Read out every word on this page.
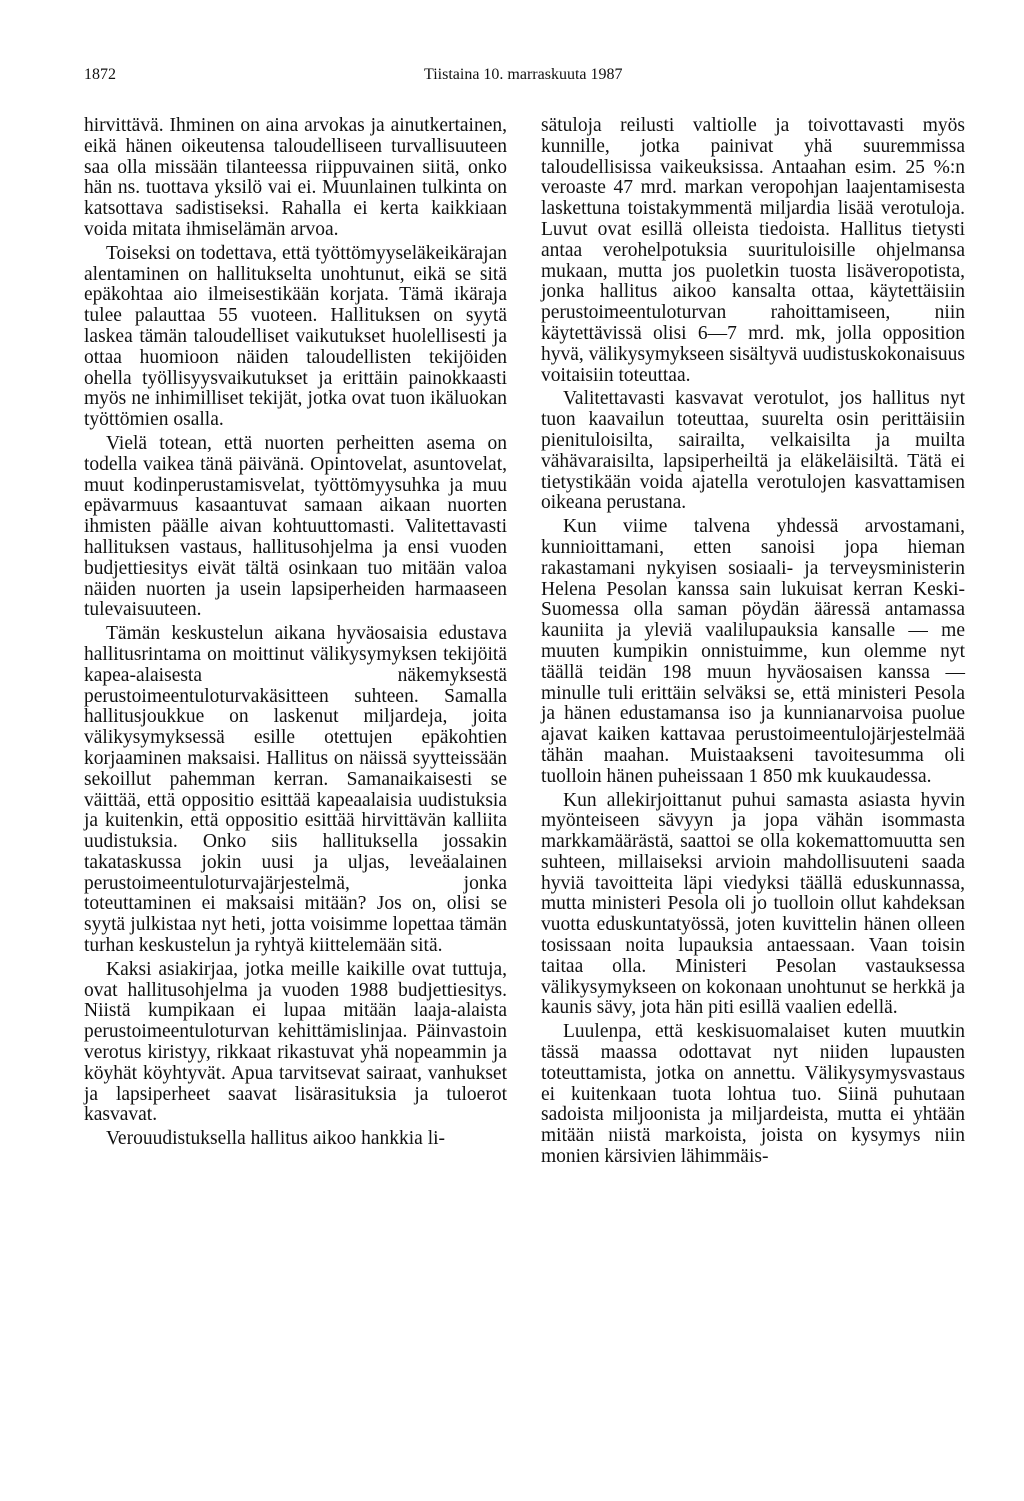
1872	Tiistaina 10. marraskuuta 1987

hirvittävä. Ihminen on aina arvokas ja ainutkertainen, eikä hänen oikeutensa taloudelliseen turvallisuuteen saa olla missään tilanteessa riippuvainen siitä, onko hän ns. tuottava yksilö vai ei. Muunlainen tulkinta on katsottava sadistiseksi. Rahalla ei kerta kaikkiaan voida mitata ihmiselämän arvoa.

Toiseksi on todettava, että työttömyyseläkeikärajan alentaminen on hallitukselta unohtunut, eikä se sitä epäkohtaa aio ilmeisestikään korjata. Tämä ikäraja tulee palauttaa 55 vuoteen. Hallituksen on syytä laskea tämän taloudelliset vaikutukset huolellisesti ja ottaa huomioon näiden taloudellisten tekijöiden ohella työllisyysvaikutukset ja erittäin painokkaasti myös ne inhimilliset tekijät, jotka ovat tuon ikäluokan työttömien osalla.

Vielä totean, että nuorten perheitten asema on todella vaikea tänä päivänä. Opintovelat, asuntovelat, muut kodinperustamisvelat, työttömyysuhka ja muu epävarmuus kasaantuvat samaan aikaan nuorten ihmisten päälle aivan kohtuuttomasti. Valitettavasti hallituksen vastaus, hallitusohjelma ja ensi vuoden budjettiesitys eivät tältä osinkaan tuo mitään valoa näiden nuorten ja usein lapsiperheiden harmaaseen tulevaisuuteen.

Tämän keskustelun aikana hyväosaisia edustava hallitusrintama on moittinut välikysymyksen tekijöitä kapea-alaisesta näkemyksestä perustoimeentuloturvakäsitteen suhteen. Samalla hallitusjoukkue on laskenut miljardeja, joita välikysymyksessä esille otettujen epäkohtien korjaaminen maksaisi. Hallitus on näissä syytteissään sekoillut pahemman kerran. Samanaikaisesti se väittää, että oppositio esittää kapeaalaisia uudistuksia ja kuitenkin, että oppositio esittää hirvittävän kalliita uudistuksia. Onko siis hallituksella jossakin takataskussa jokin uusi ja uljas, leveäalainen perustoimeentuloturvajärjestelmä, jonka toteuttaminen ei maksaisi mitään? Jos on, olisi se syytä julkistaa nyt heti, jotta voisimme lopettaa tämän turhan keskustelun ja ryhtyä kiittelemään sitä.

Kaksi asiakirjaa, jotka meille kaikille ovat tuttuja, ovat hallitusohjelma ja vuoden 1988 budjettiesitys. Niistä kumpikaan ei lupaa mitään laaja-alaista perustoimeentuloturvan kehittämislinjaa. Päinvastoin verotus kiristyy, rikkaat rikastuvat yhä nopeammin ja köyhät köyhtyvät. Apua tarvitsevat sairaat, vanhukset ja lapsiperheet saavat lisärasituksia ja tuloerot kasvavat.

Verouudistuksella hallitus aikoo hankkia li-

sätuloja reilusti valtiolle ja toivottavasti myös kunnille, jotka painivat yhä suuremmissa taloudellisissa vaikeuksissa. Antaahan esim. 25 %:n veroaste 47 mrd. markan veropohjan laajentamisesta laskettuna toistakymmentä miljardia lisää verotuloja. Luvut ovat esillä olleista tiedoista. Hallitus tietysti antaa verohelpotuksia suurituloisille ohjelmansa mukaan, mutta jos puoletkin tuosta lisäveropotista, jonka hallitus aikoo kansalta ottaa, käytettäisiin perustoimeentuloturvan rahoittamiseen, niin käytettävissä olisi 6—7 mrd. mk, jolla opposition hyvä, välikysymykseen sisältyvä uudistuskokonaisuus voitaisiin toteuttaa.

Valitettavasti kasvavat verotulot, jos hallitus nyt tuon kaavailun toteuttaa, suurelta osin perittäisiin pienituloisilta, sairailta, velkaisilta ja muilta vähävaraisilta, lapsiperheiltä ja eläkeläisiltä. Tätä ei tietystikään voida ajatella verotulojen kasvattamisen oikeana perustana.

Kun viime talvena yhdessä arvostamani, kunnioittamani, etten sanoisi jopa hieman rakastamani nykyisen sosiaali- ja terveysministerin Helena Pesolan kanssa sain lukuisat kerran Keski-Suomessa olla saman pöydän ääressä antamassa kauniita ja yleviä vaalilupauksia kansalle — me muuten kumpikin onnistuimme, kun olemme nyt täällä teidän 198 muun hyväosaisen kanssa — minulle tuli erittäin selväksi se, että ministeri Pesola ja hänen edustamansa iso ja kunnianarvoisa puolue ajavat kaiken kattavaa perustoimeentulojärjestelmää tähän maahan. Muistaakseni tavoitesumma oli tuolloin hänen puheissaan 1 850 mk kuukaudessa.

Kun allekirjoittanut puhui samasta asiasta hyvin myönteiseen sävyyn ja jopa vähän isommasta markkamäärästä, saattoi se olla kokemattomuutta sen suhteen, millaiseksi arvioin mahdollisuuteni saada hyviä tavoitteita läpi viedyksi täällä eduskunnassa, mutta ministeri Pesola oli jo tuolloin ollut kahdeksan vuotta eduskuntatyössä, joten kuvittelin hänen olleen tosissaan noita lupauksia antaessaan. Vaan toisin taitaa olla. Ministeri Pesolan vastauksessa välikysymykseen on kokonaan unohtunut se herkkä ja kaunis sävy, jota hän piti esillä vaalien edellä.

Luulenpa, että keskisuomalaiset kuten muutkin tässä maassa odottavat nyt niiden lupausten toteuttamista, jotka on annettu. Välikysymysvastaus ei kuitenkaan tuota lohtua tuo. Siinä puhutaan sadoista miljoonista ja miljardeista, mutta ei yhtään mitään niistä markoista, joista on kysymys niin monien kärsivien lähimmäis-
